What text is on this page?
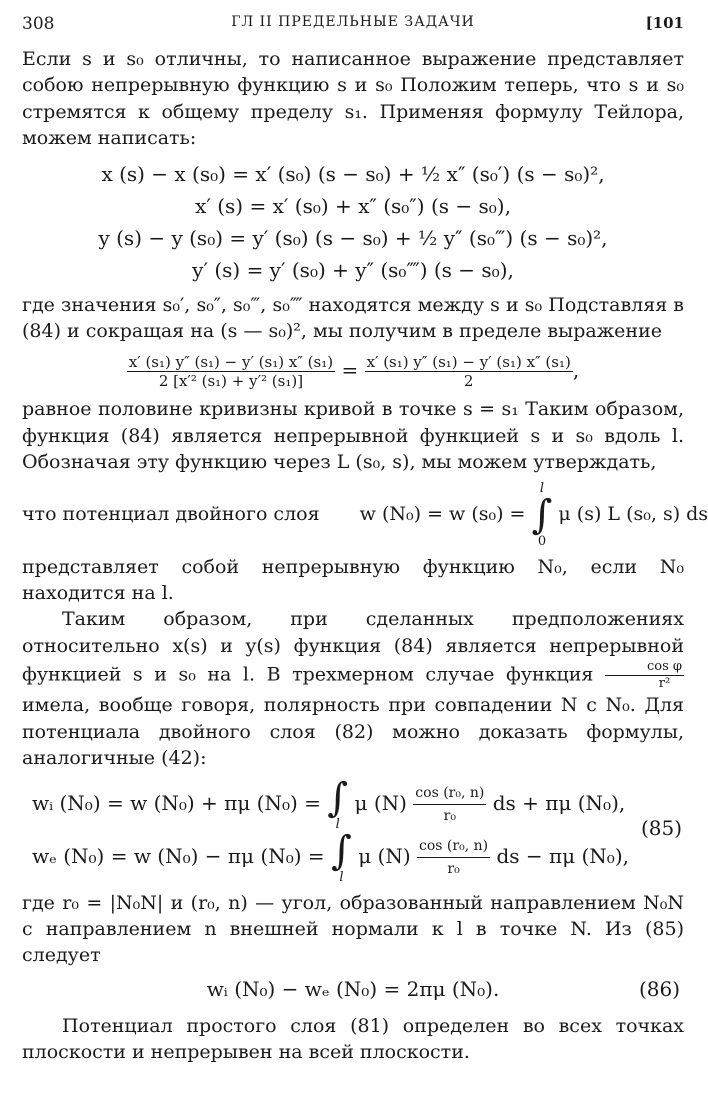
308	ГЛ II ПРЕДЕЛЬНЫЕ ЗАДАЧИ	[101

Если s и s₀ отличны, то написанное выражение представляет собою непрерывную функцию s и s₀ Положим теперь, что s и s₀ стремятся к общему пределу s₁. Применяя формулу Тейлора, можем написать:

x (s) − x (s₀) = x′ (s₀) (s − s₀) + ½ x″ (s₀′) (s − s₀)²,
x′ (s) = x′ (s₀) + x″ (s₀″) (s − s₀),
y (s) − y (s₀) = y′ (s₀) (s − s₀) + ½ y″ (s₀‴) (s − s₀)²,
y′ (s) = y′ (s₀) + y″ (s₀⁗) (s − s₀),

где значения s₀′, s₀″, s₀‴, s₀⁗ находятся между s и s₀ Подставляя в (84) и сокращая на (s — s₀)², мы получим в пределе выражение

$\frac{\text{x′ (s₁) y″ (s₁) − y′ (s₁) x″ (s₁)}}{\text{2 [x′² (s₁) + y′² (s₁)]}} = \frac{\text{x′ (s₁) y″ (s₁) − y′ (s₁) x″ (s₁)}}{2}$ ,

равное половине кривизны кривой в точке s = s₁ Таким образом, функция (84) является непрерывной функцией s и s₀ вдоль l. Обозначая эту функцию через L (s₀, s), мы можем утверждать,

что потенциал двойного слоя w (N₀) = w (s₀) =
l
∫
0
μ (s) L (s₀, s) ds

представляет собой непрерывную функцию N₀, если N₀ находится на l.

Таким образом, при сделанных предположениях относительно x(s) и y(s) функция (84) является непрерывной функцией s и s₀ на l. В трехмерном случае функция $\frac{\text{cos φ}}{\text{r²}}$
имела, вообще говоря, полярность при совпадении N с N₀. Для потенциала двойного слоя (82) можно доказать формулы, аналогичные (42):

wᵢ (N₀) = w (N₀) + πμ (N₀) = ∫
l
μ $(N) \frac{\text{cos (r₀, n)}}{\text{r₀}}$ ds + πμ (N₀),
wₑ (N₀) = w (N₀) − πμ (N₀) = ∫
l
μ $(N) \frac{\text{cos (r₀, n)}}{\text{r₀}}$ ds − πμ (N₀),
(85)

где r₀ = |N₀N| и (r₀, n) — угол, образованный направлением N₀N с направлением n внешней нормали к l в точке N. Из (85) следует

wᵢ (N₀) − wₑ (N₀) = 2πμ (N₀).	(86)

Потенциал простого слоя (81) определен во всех точках плоскости и непрерывен на всей плоскости.
